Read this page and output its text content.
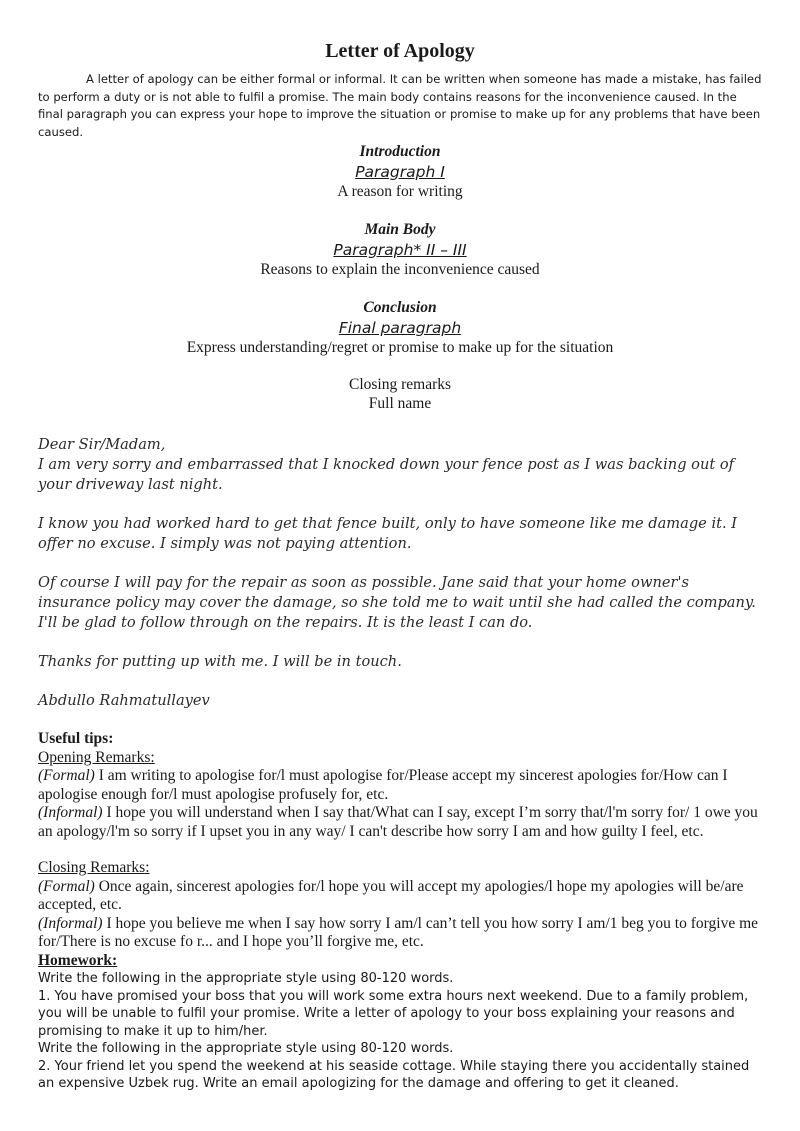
Letter of Apology
A letter of apology can be either formal or informal. It can be written when someone has made a mistake, has failed to perform a duty or is not able to fulfil a promise. The main body contains reasons for the inconvenience caused. In the final paragraph you can express your hope to improve the situation or promise to make up for any problems that have been caused.
Introduction
Paragraph I
A reason for writing
Main Body
Paragraph* II – III
Reasons to explain the inconvenience caused
Conclusion
Final paragraph
Express understanding/regret or promise to make up for the situation
Closing remarks
Full name

Dear Sir/Madam,

I am very sorry and embarrassed that I knocked down your fence post as I was backing out of your driveway last night.

I know you had worked hard to get that fence built, only to have someone like me damage it. I offer no excuse. I simply was not paying attention.

Of course I will pay for the repair as soon as possible. Jane said that your home owner's insurance policy may cover the damage, so she told me to wait until she had called the company. I'll be glad to follow through on the repairs. It is the least I can do.

Thanks for putting up with me. I will be in touch.

Abdullo Rahmatullayev

Useful tips:

Opening Remarks:

(Formal) I am writing to apologise for/l must apologise for/Please accept my sincerest apologies for/How can I apologise enough for/l must apologise profusely for, etc.

(Informal) I hope you will understand when I say that/What can I say, except I’m sorry that/l'm sorry for/ 1 owe you an apology/l'm so sorry if I upset you in any way/ I can't describe how sorry I am and how guilty I feel, etc.

Closing Remarks:

(Formal) Once again, sincerest apologies for/l hope you will accept my apologies/l hope my apologies will be/are accepted, etc.

(Informal) I hope you believe me when I say how sorry I am/l can’t tell you how sorry I am/1 beg you to forgive me for/There is no excuse fo r... and I hope you’ll forgive me, etc.

Homework:

Write the following in the appropriate style using 80-120 words.

1. You have promised your boss that you will work some extra hours next weekend. Due to a family problem, you will be unable to fulfil your promise. Write a letter of apology to your boss explaining your reasons and promising to make it up to him/her.

Write the following in the appropriate style using 80-120 words.

2. Your friend let you spend the weekend at his seaside cottage. While staying there you accidentally stained an expensive Uzbek rug. Write an email apologizing for the damage and offering to get it cleaned.
